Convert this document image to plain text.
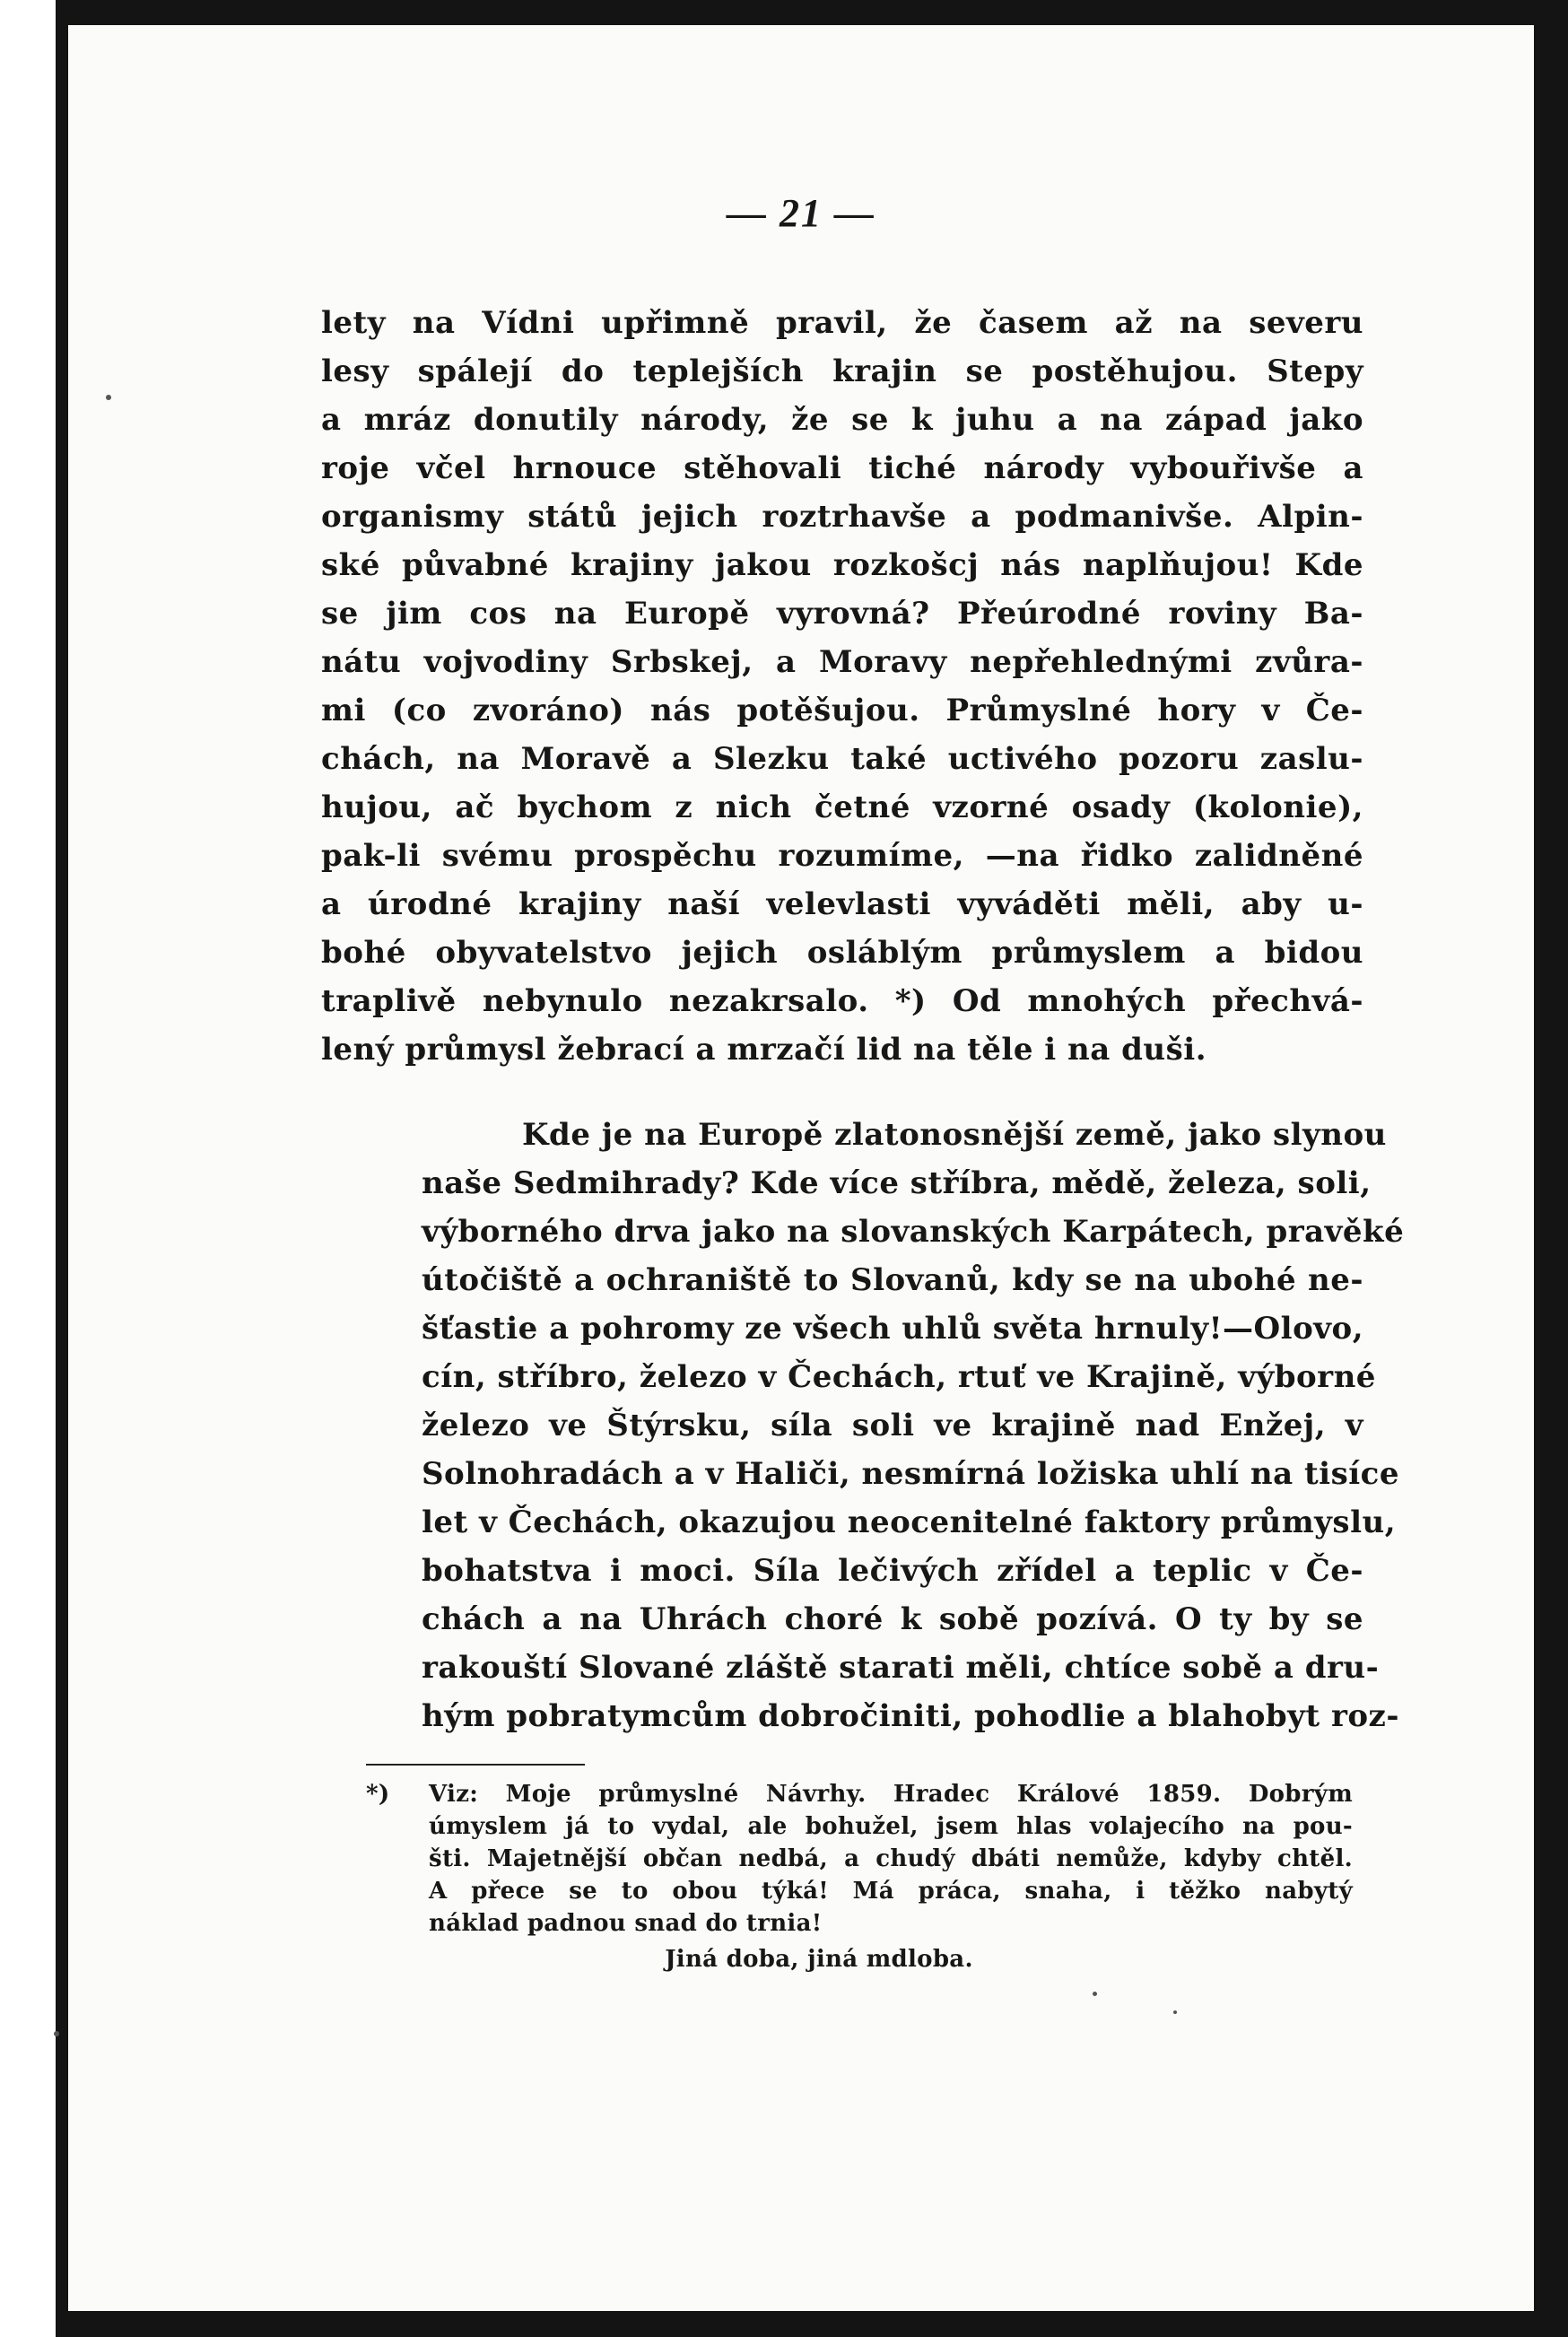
— 21 —

lety na Vídni upřimně pravil, že časem až na severu
lesy spálejí do teplejších krajin se postěhujou. Stepy
a mráz donutily národy, že se k juhu a na západ jako
roje včel hrnouce stěhovali tiché národy vybouřivše a
organismy států jejich roztrhavše a podmanivše. Alpin-
ské půvabné krajiny jakou rozkošcj nás naplňujou! Kde
se jim cos na Europě vyrovná? Přeúrodné roviny Ba-
nátu vojvodiny Srbskej, a Moravy nepřehlednými zvůra-
mi (co zvoráno) nás potěšujou. Průmyslné hory v Če-
chách, na Moravě a Slezku také uctivého pozoru zaslu-
hujou, ač bychom z nich četné vzorné osady (kolonie),
pak-li svému prospěchu rozumíme, —na řidko zalidněné
a úrodné krajiny naší velevlasti vyváděti měli, aby u-
bohé obyvatelstvo jejich osláblým průmyslem a bidou
traplivě nebynulo nezakrsalo. *) Od mnohých přechvá-
lený průmysl žebrací a mrzačí lid na těle i na duši.

Kde je na Europě zlatonosnější země, jako slynou
naše Sedmihrady? Kde více stříbra, mědě, železa, soli,
výborného drva jako na slovanských Karpátech, pravěké
útočiště a ochraniště to Slovanů, kdy se na ubohé ne-
šťastie a pohromy ze všech uhlů světa hrnuly!—Olovo,
cín, stříbro, železo v Čechách, rtuť ve Krajině, výborné
železo ve Štýrsku, síla soli ve krajině nad Enžej, v
Solnohradách a v Haliči, nesmírná ložiska uhlí na tisíce
let v Čechách, okazujou neocenitelné faktory průmyslu,
bohatstva i moci. Síla lečivých zřídel a teplic v Če-
chách a na Uhrách choré k sobě pozívá. O ty by se
rakouští Slované zláště starati měli, chtíce sobě a dru-
hým pobratymcům dobročiniti, pohodlie a blahobyt roz-

*) Viz: Moje průmyslné Návrhy. Hradec Králové 1859. Dobrým
úmyslem já to vydal, ale bohužel, jsem hlas volajecího na pou-
šti. Majetnější občan nedbá, a chudý dbáti nemůže, kdyby chtěl.
A přece se to obou týká! Má práca, snaha, i těžko nabytý
náklad padnou snad do trnia!
Jiná doba, jiná mdloba.
